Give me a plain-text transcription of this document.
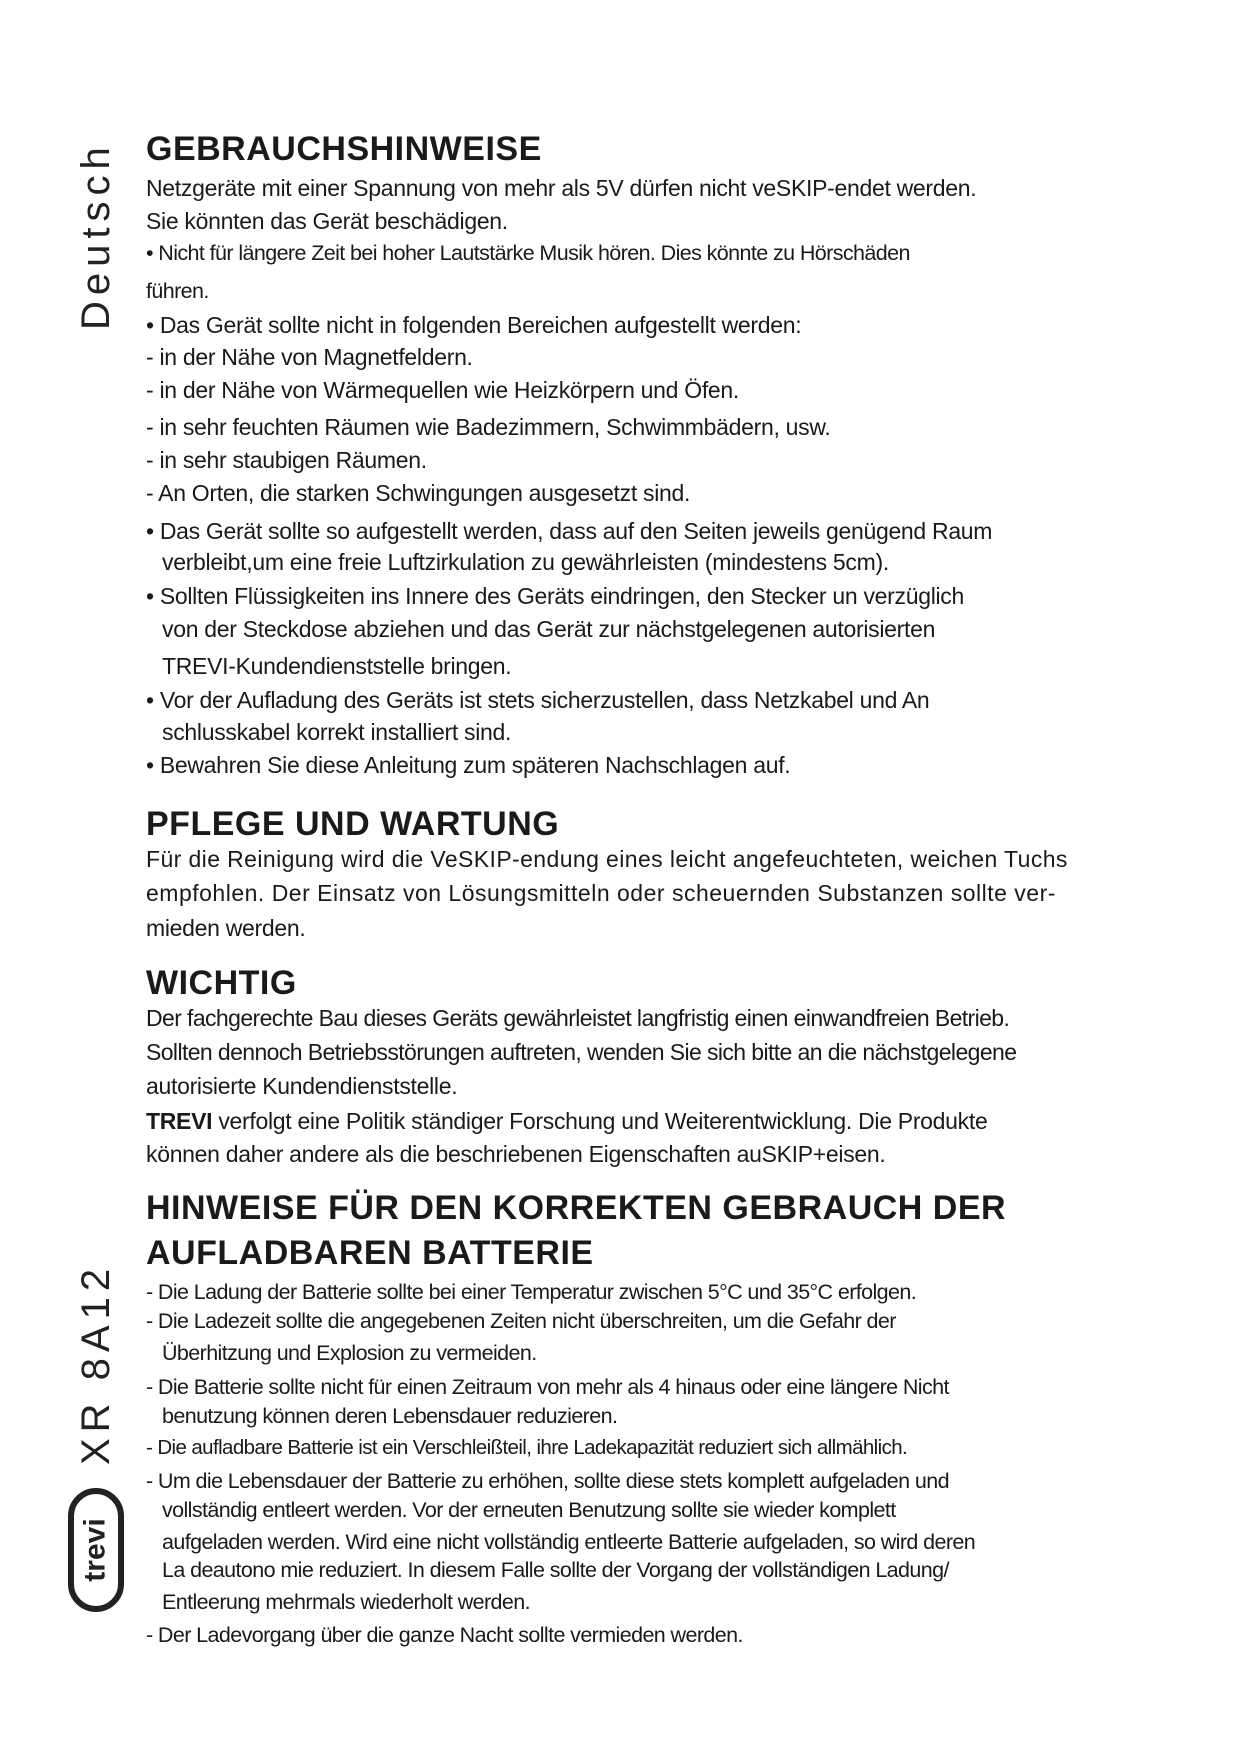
Deutsch
XR 8A12
trevi
GEBRAUCHSHINWEISE
Netzgeräte mit einer Spannung von mehr als 5V dürfen nicht veSKIP-endet werden.
Sie könnten das Gerät beschädigen.
• Nicht für längere Zeit bei hoher Lautstärke Musik hören. Dies könnte zu Hörschäden
führen.
• Das Gerät sollte nicht in folgenden Bereichen aufgestellt werden:
- in der Nähe von Magnetfeldern.
- in der Nähe von Wärmequellen wie Heizkörpern und Öfen.
- in sehr feuchten Räumen wie Badezimmern, Schwimmbädern, usw.
- in sehr staubigen Räumen.
- An Orten, die starken Schwingungen ausgesetzt sind.
• Das Gerät sollte so aufgestellt werden, dass auf den Seiten jeweils genügend Raum
verbleibt,um eine freie Luftzirkulation zu gewährleisten (mindestens 5cm).
• Sollten Flüssigkeiten ins Innere des Geräts eindringen, den Stecker un verzüglich
von der Steckdose abziehen und das Gerät zur nächstgelegenen autorisierten
TREVI-Kundendienststelle bringen.
• Vor der Aufladung des Geräts ist stets sicherzustellen, dass Netzkabel und An
schlusskabel korrekt installiert sind.
• Bewahren Sie diese Anleitung zum späteren Nachschlagen auf.
PFLEGE UND WARTUNG
Für die Reinigung wird die VeSKIP-endung eines leicht angefeuchteten, weichen Tuchs
empfohlen. Der Einsatz von Lösungsmitteln oder scheuernden Substanzen sollte ver-
mieden werden.
WICHTIG
Der fachgerechte Bau dieses Geräts gewährleistet langfristig einen einwandfreien Betrieb.
Sollten dennoch Betriebsstörungen auftreten, wenden Sie sich bitte an die nächstgelegene
autorisierte Kundendienststelle.
TREVI verfolgt eine Politik ständiger Forschung und Weiterentwicklung. Die Produkte
können daher andere als die beschriebenen Eigenschaften auSKIP+eisen.
HINWEISE FÜR DEN KORREKTEN GEBRAUCH DER
AUFLADBAREN BATTERIE
- Die Ladung der Batterie sollte bei einer Temperatur zwischen 5°C und 35°C erfolgen.
- Die Ladezeit sollte die angegebenen Zeiten nicht überschreiten, um die Gefahr der
Überhitzung und Explosion zu vermeiden.
- Die Batterie sollte nicht für einen Zeitraum von mehr als 4 hinaus oder eine längere Nicht
benutzung können deren Lebensdauer reduzieren.
- Die aufladbare Batterie ist ein Verschleißteil, ihre Ladekapazität reduziert sich allmählich.
- Um die Lebensdauer der Batterie zu erhöhen, sollte diese stets komplett aufgeladen und
vollständig entleert werden. Vor der erneuten Benutzung sollte sie wieder komplett
aufgeladen werden. Wird eine nicht vollständig entleerte Batterie aufgeladen, so wird deren
La deautono mie reduziert. In diesem Falle sollte der Vorgang der vollständigen Ladung/
Entleerung mehrmals wiederholt werden.
- Der Ladevorgang über die ganze Nacht sollte vermieden werden.
